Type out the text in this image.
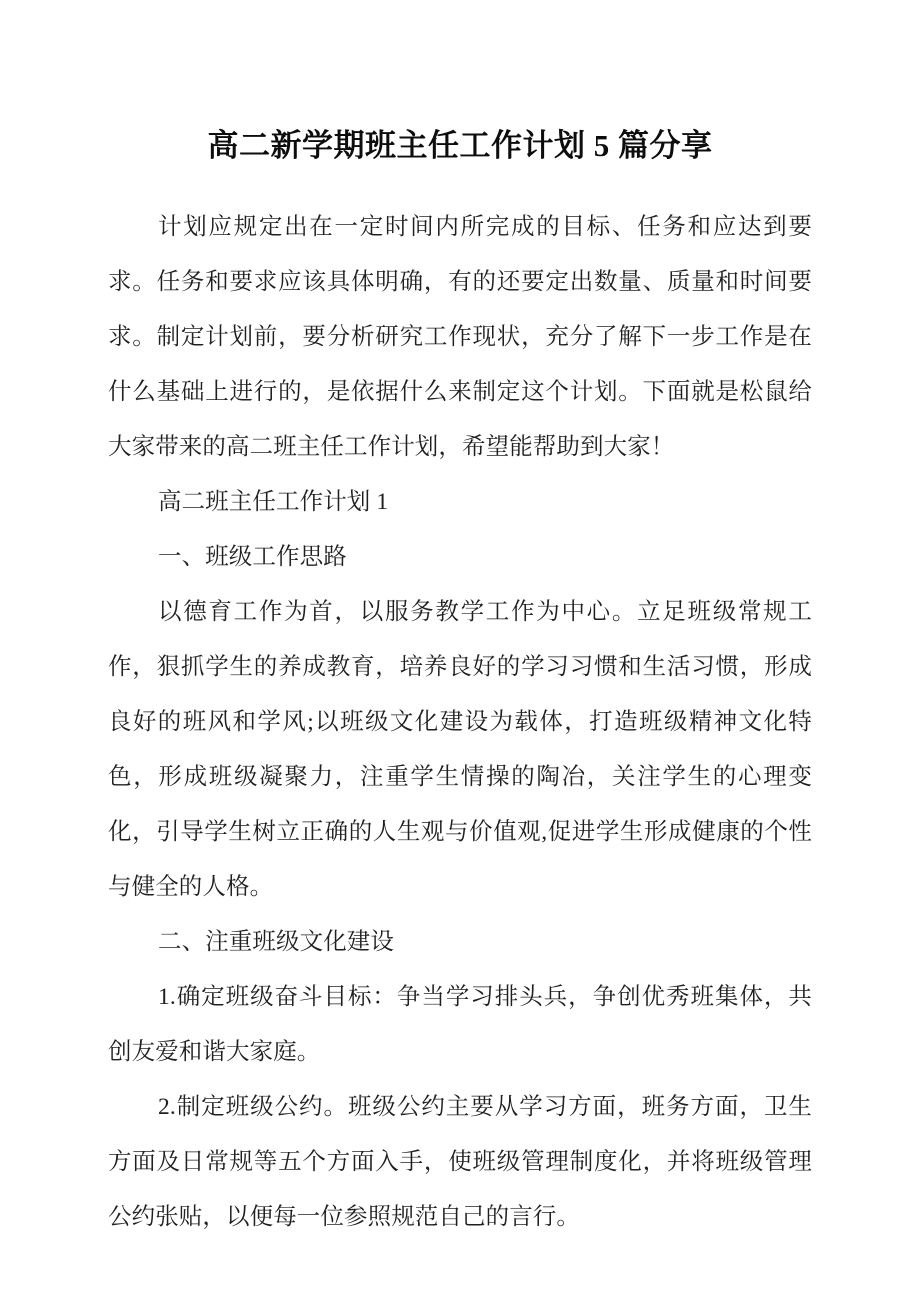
高二新学期班主任工作计划 5 篇分享

计划应规定出在一定时间内所完成的目标、任务和应达到要求。任务和要求应该具体明确，有的还要定出数量、质量和时间要求。制定计划前，要分析研究工作现状，充分了解下一步工作是在什么基础上进行的，是依据什么来制定这个计划。下面就是松鼠给大家带来的高二班主任工作计划，希望能帮助到大家！

高二班主任工作计划 1

一、班级工作思路

以德育工作为首，以服务教学工作为中心。立足班级常规工作，狠抓学生的养成教育，培养良好的学习习惯和生活习惯，形成良好的班风和学风;以班级文化建设为载体，打造班级精神文化特色，形成班级凝聚力，注重学生情操的陶冶，关注学生的心理变化，引导学生树立正确的人生观与价值观,促进学生形成健康的个性与健全的人格。

二、注重班级文化建设

1.确定班级奋斗目标：争当学习排头兵，争创优秀班集体，共创友爱和谐大家庭。

2.制定班级公约。班级公约主要从学习方面，班务方面，卫生方面及日常规等五个方面入手，使班级管理制度化，并将班级管理公约张贴，以便每一位参照规范自己的言行。
